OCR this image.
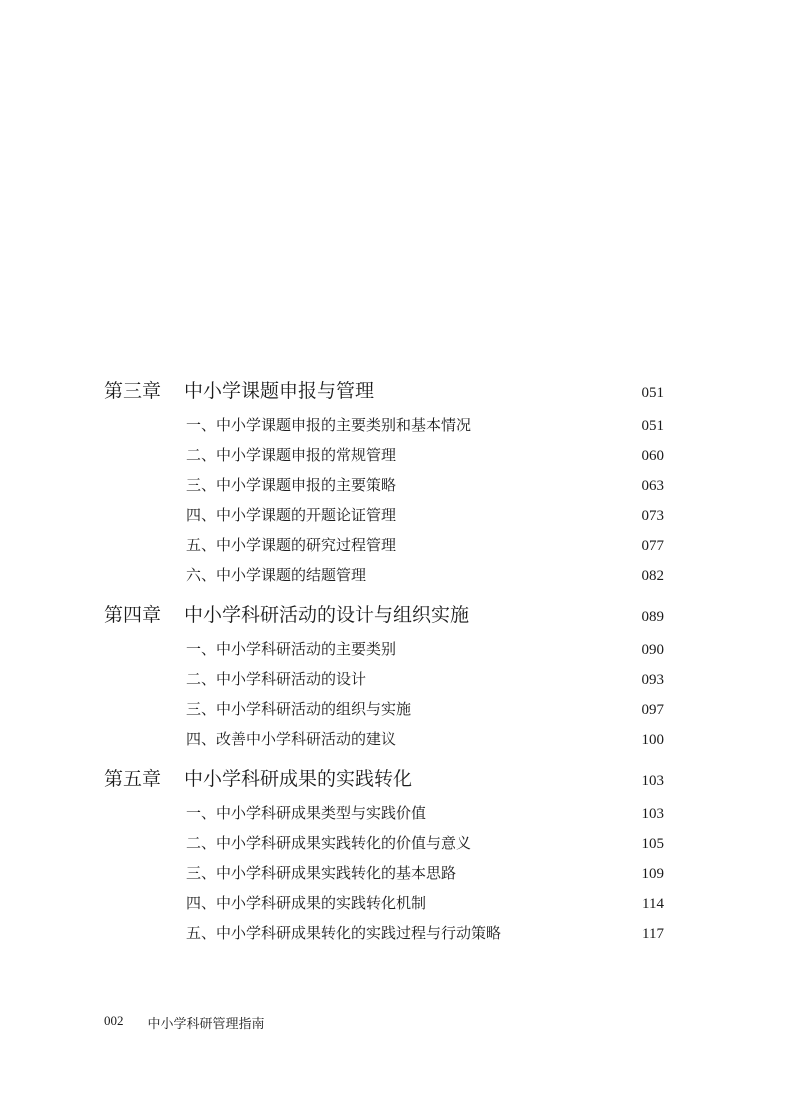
第三章	中小学课题申报与管理	051
一、中小学课题申报的主要类别和基本情况	051
二、中小学课题申报的常规管理	060
三、中小学课题申报的主要策略	063
四、中小学课题的开题论证管理	073
五、中小学课题的研究过程管理	077
六、中小学课题的结题管理	082
第四章	中小学科研活动的设计与组织实施	089
一、中小学科研活动的主要类别	090
二、中小学科研活动的设计	093
三、中小学科研活动的组织与实施	097
四、改善中小学科研活动的建议	100
第五章	中小学科研成果的实践转化	103
一、中小学科研成果类型与实践价值	103
二、中小学科研成果实践转化的价值与意义	105
三、中小学科研成果实践转化的基本思路	109
四、中小学科研成果的实践转化机制	114
五、中小学科研成果转化的实践过程与行动策略	117
002 中小学科研管理指南
